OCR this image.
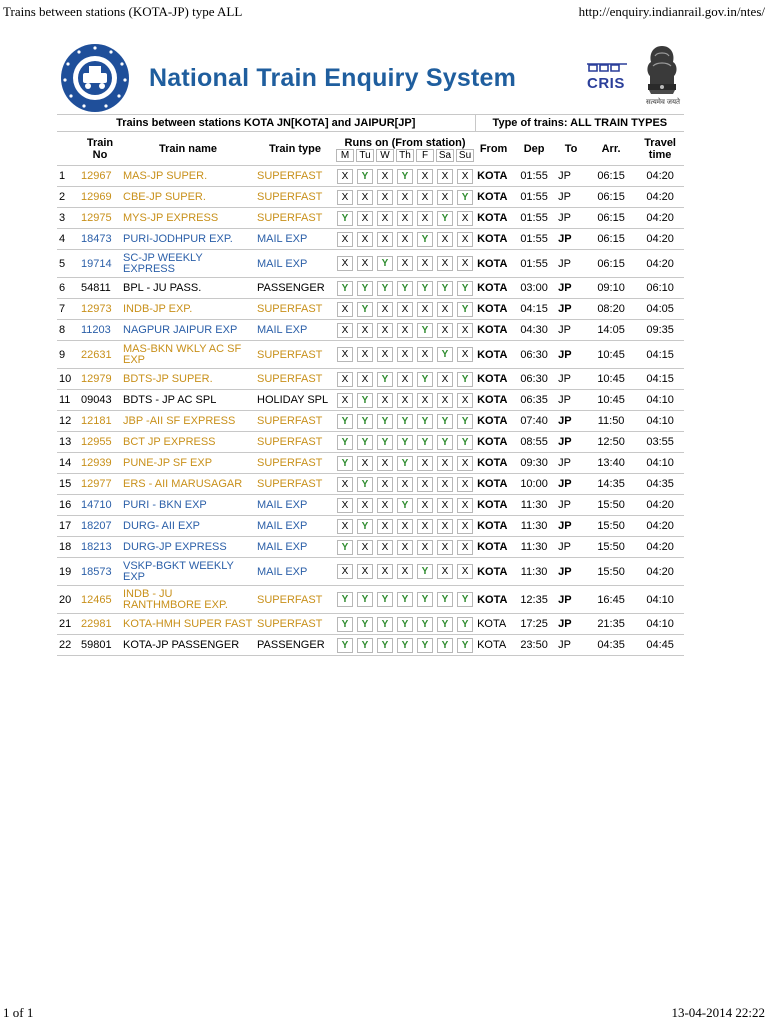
Trains between stations (KOTA-JP) type ALL	http://enquiry.indianrail.gov.in/ntes/
National Train Enquiry System	CRIS
सत्यमेव जयते
Trains between stations KOTA JN[KOTA] and JAIPUR[JP]											Type of trains: ALL TRAIN TYPES				
	Train
No	Train name	Train type	Runs on (From station)							From	Dep	To	Arr.	Travel
time
				M	Tu	W	Th	F	Sa	Su					
1	12967	MAS-JP SUPER.	SUPERFAST	X	Y	X	Y	X	X	X	KOTA	01:55	JP	06:15	04:20
2	12969	CBE-JP SUPER.	SUPERFAST	X	X	X	X	X	X	Y	KOTA	01:55	JP	06:15	04:20
3	12975	MYS-JP EXPRESS	SUPERFAST	Y	X	X	X	X	Y	X	KOTA	01:55	JP	06:15	04:20
4	18473	PURI-JODHPUR EXP.	MAIL EXP	X	X	X	X	Y	X	X	KOTA	01:55	JP	06:15	04:20
5	19714	SC-JP WEEKLY EXPRESS	MAIL EXP	X	X	Y	X	X	X	X	KOTA	01:55	JP	06:15	04:20
6	54811	BPL - JU PASS.	PASSENGER	Y	Y	Y	Y	Y	Y	Y	KOTA	03:00	JP	09:10	06:10
7	12973	INDB-JP EXP.	SUPERFAST	X	Y	X	X	X	X	Y	KOTA	04:15	JP	08:20	04:05
8	11203	NAGPUR JAIPUR EXP	MAIL EXP	X	X	X	X	Y	X	X	KOTA	04:30	JP	14:05	09:35
9	22631	MAS-BKN WKLY AC SF EXP	SUPERFAST	X	X	X	X	X	Y	X	KOTA	06:30	JP	10:45	04:15
10	12979	BDTS-JP SUPER.	SUPERFAST	X	X	Y	X	Y	X	Y	KOTA	06:30	JP	10:45	04:15
11	09043	BDTS - JP AC SPL	HOLIDAY SPL	X	Y	X	X	X	X	X	KOTA	06:35	JP	10:45	04:10
12	12181	JBP -AII SF EXPRESS	SUPERFAST	Y	Y	Y	Y	Y	Y	Y	KOTA	07:40	JP	11:50	04:10
13	12955	BCT JP EXPRESS	SUPERFAST	Y	Y	Y	Y	Y	Y	Y	KOTA	08:55	JP	12:50	03:55
14	12939	PUNE-JP SF EXP	SUPERFAST	Y	X	X	Y	X	X	X	KOTA	09:30	JP	13:40	04:10
15	12977	ERS - AII MARUSAGAR	SUPERFAST	X	Y	X	X	X	X	X	KOTA	10:00	JP	14:35	04:35
16	14710	PURI - BKN EXP	MAIL EXP	X	X	X	Y	X	X	X	KOTA	11:30	JP	15:50	04:20
17	18207	DURG- AII EXP	MAIL EXP	X	Y	X	X	X	X	X	KOTA	11:30	JP	15:50	04:20
18	18213	DURG-JP EXPRESS	MAIL EXP	Y	X	X	X	X	X	X	KOTA	11:30	JP	15:50	04:20
19	18573	VSKP-BGKT WEEKLY EXP	MAIL EXP	X	X	X	X	Y	X	X	KOTA	11:30	JP	15:50	04:20
20	12465	INDB - JU RANTHMBORE EXP.	SUPERFAST	Y	Y	Y	Y	Y	Y	Y	KOTA	12:35	JP	16:45	04:10
21	22981	KOTA-HMH SUPER FAST	SUPERFAST	Y	Y	Y	Y	Y	Y	Y	KOTA	17:25	JP	21:35	04:10
22	59801	KOTA-JP PASSENGER	PASSENGER	Y	Y	Y	Y	Y	Y	Y	KOTA	23:50	JP	04:35	04:45
1 of 1	13-04-2014 22:22
